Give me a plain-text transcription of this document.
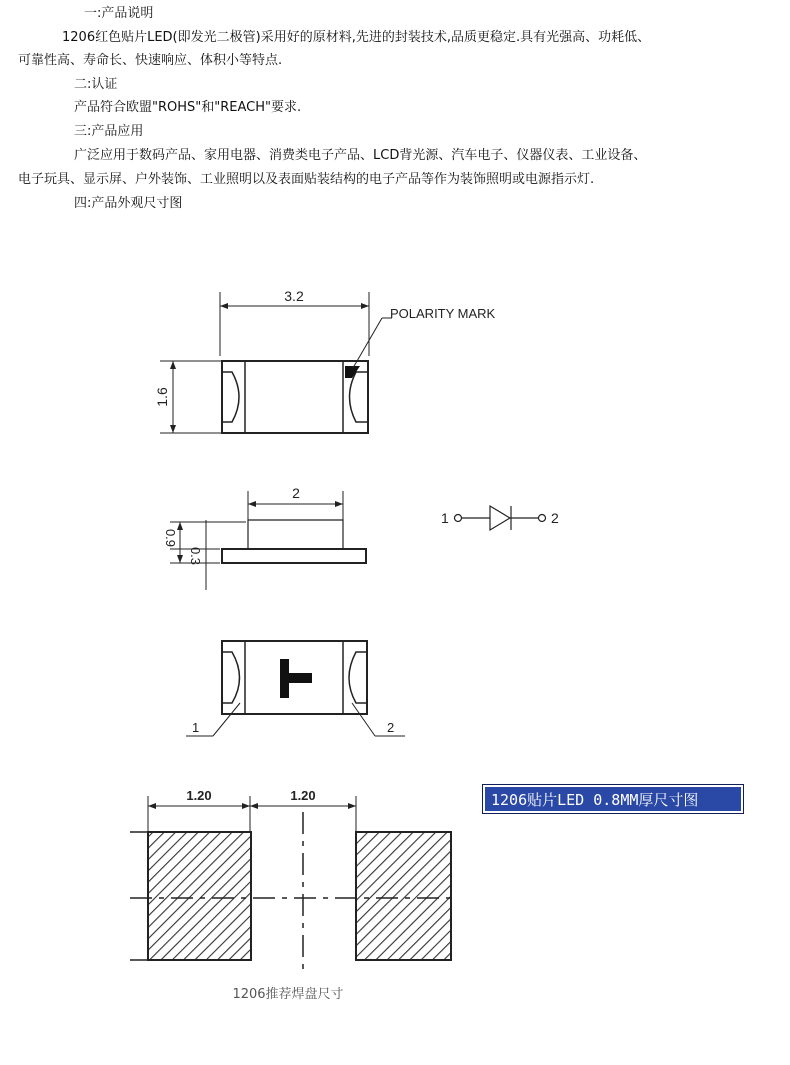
一:产品说明
1206红色贴片LED(即发光二极管)采用好的原材料,先进的封装技术,品质更稳定.具有光强高、功耗低、
可靠性高、寿命长、快速响应、体积小等特点.
二:认证
产品符合欧盟"ROHS"和"REACH"要求.
三:产品应用
广泛应用于数码产品、家用电器、消费类电子产品、LCD背光源、汽车电子、仪器仪表、工业设备、
电子玩具、显示屏、户外装饰、工业照明以及表面贴装结构的电子产品等作为装饰照明或电源指示灯.
四:产品外观尺寸图
3.2
1.6
POLARITY MARK
2
0.9
0.3
1	2
1	2
1.20	1.20
1206推荐焊盘尺寸
1206贴片LED 0.8MM厚尺寸图
